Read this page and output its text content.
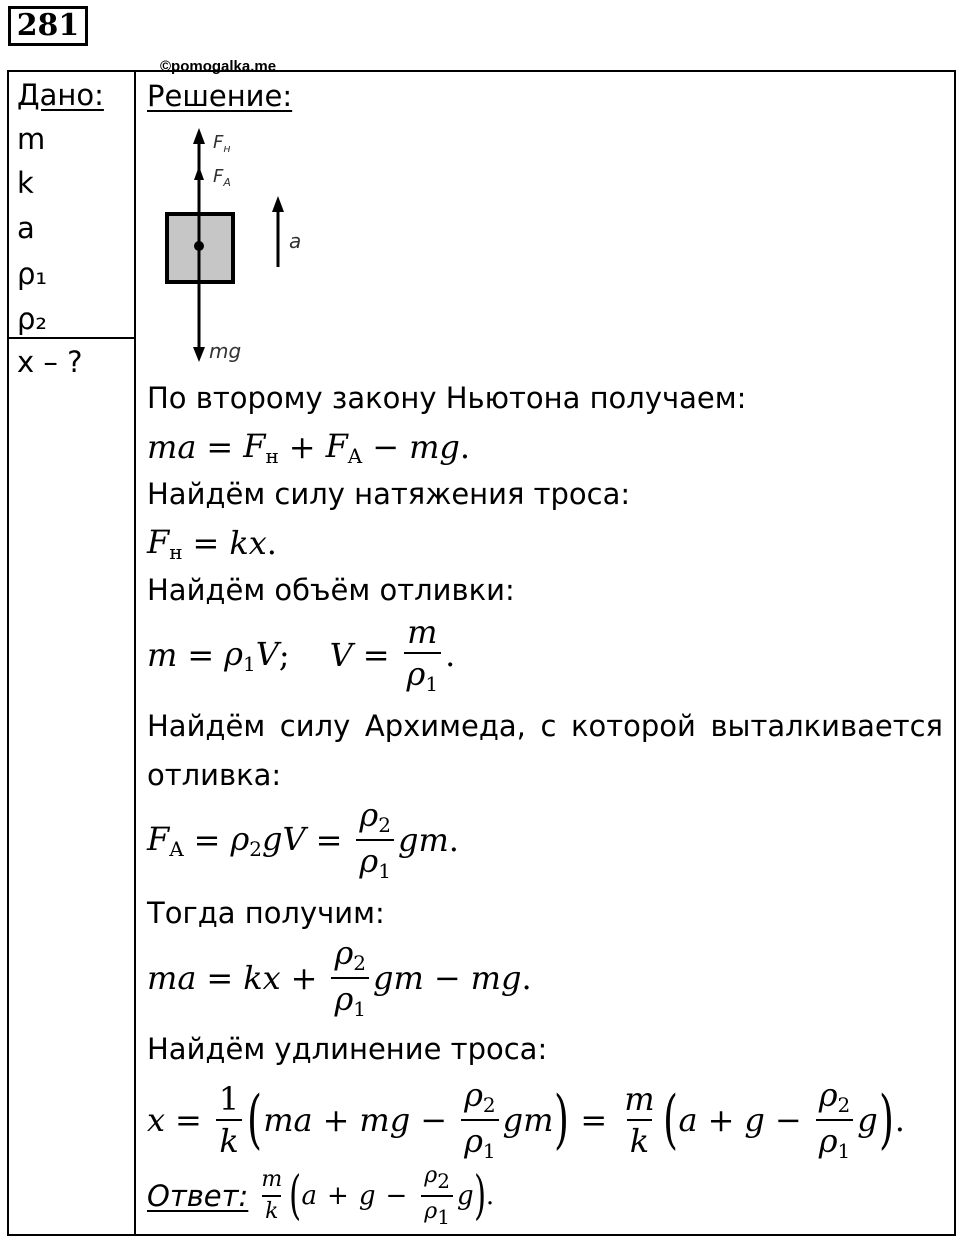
281
©pomogalka.me
Дано:
m
k
a
ρ₁
ρ₂
x – ?
Решение:
$F_н$
$F_A$
a
mg
По второму закону Ньютона получаем:
ma = $F_н + F_A$ − mg .
Найдём силу натяжения троса:
$F_н$ = kx .
Найдём объём отливки:
$m = \rho_1V$ ; $V = \frac{m}{\rho_1}$ .
Найдём силу Архимеда, с которой выталкивается
отливка:
$F_A = \rho_2gV = \frac{\rho_2}{\rho_1}$ gm .
Тогда получим:
ma = kx + $\frac{\rho_2}{\rho_1}$ gm − mg .
Найдём удлинение троса:
$x = \frac{1}{k}$ ( ma + mg − $\frac{\rho_2}{\rho_1}$ gm ) = $\frac{m}{k}$ ( $a + g - \frac{\rho_2}{\rho_1}$ g ) .
Ответ: $\frac{m}{k}$ ( $a + g - \frac{\rho_2}{\rho_1}$ g ) .
